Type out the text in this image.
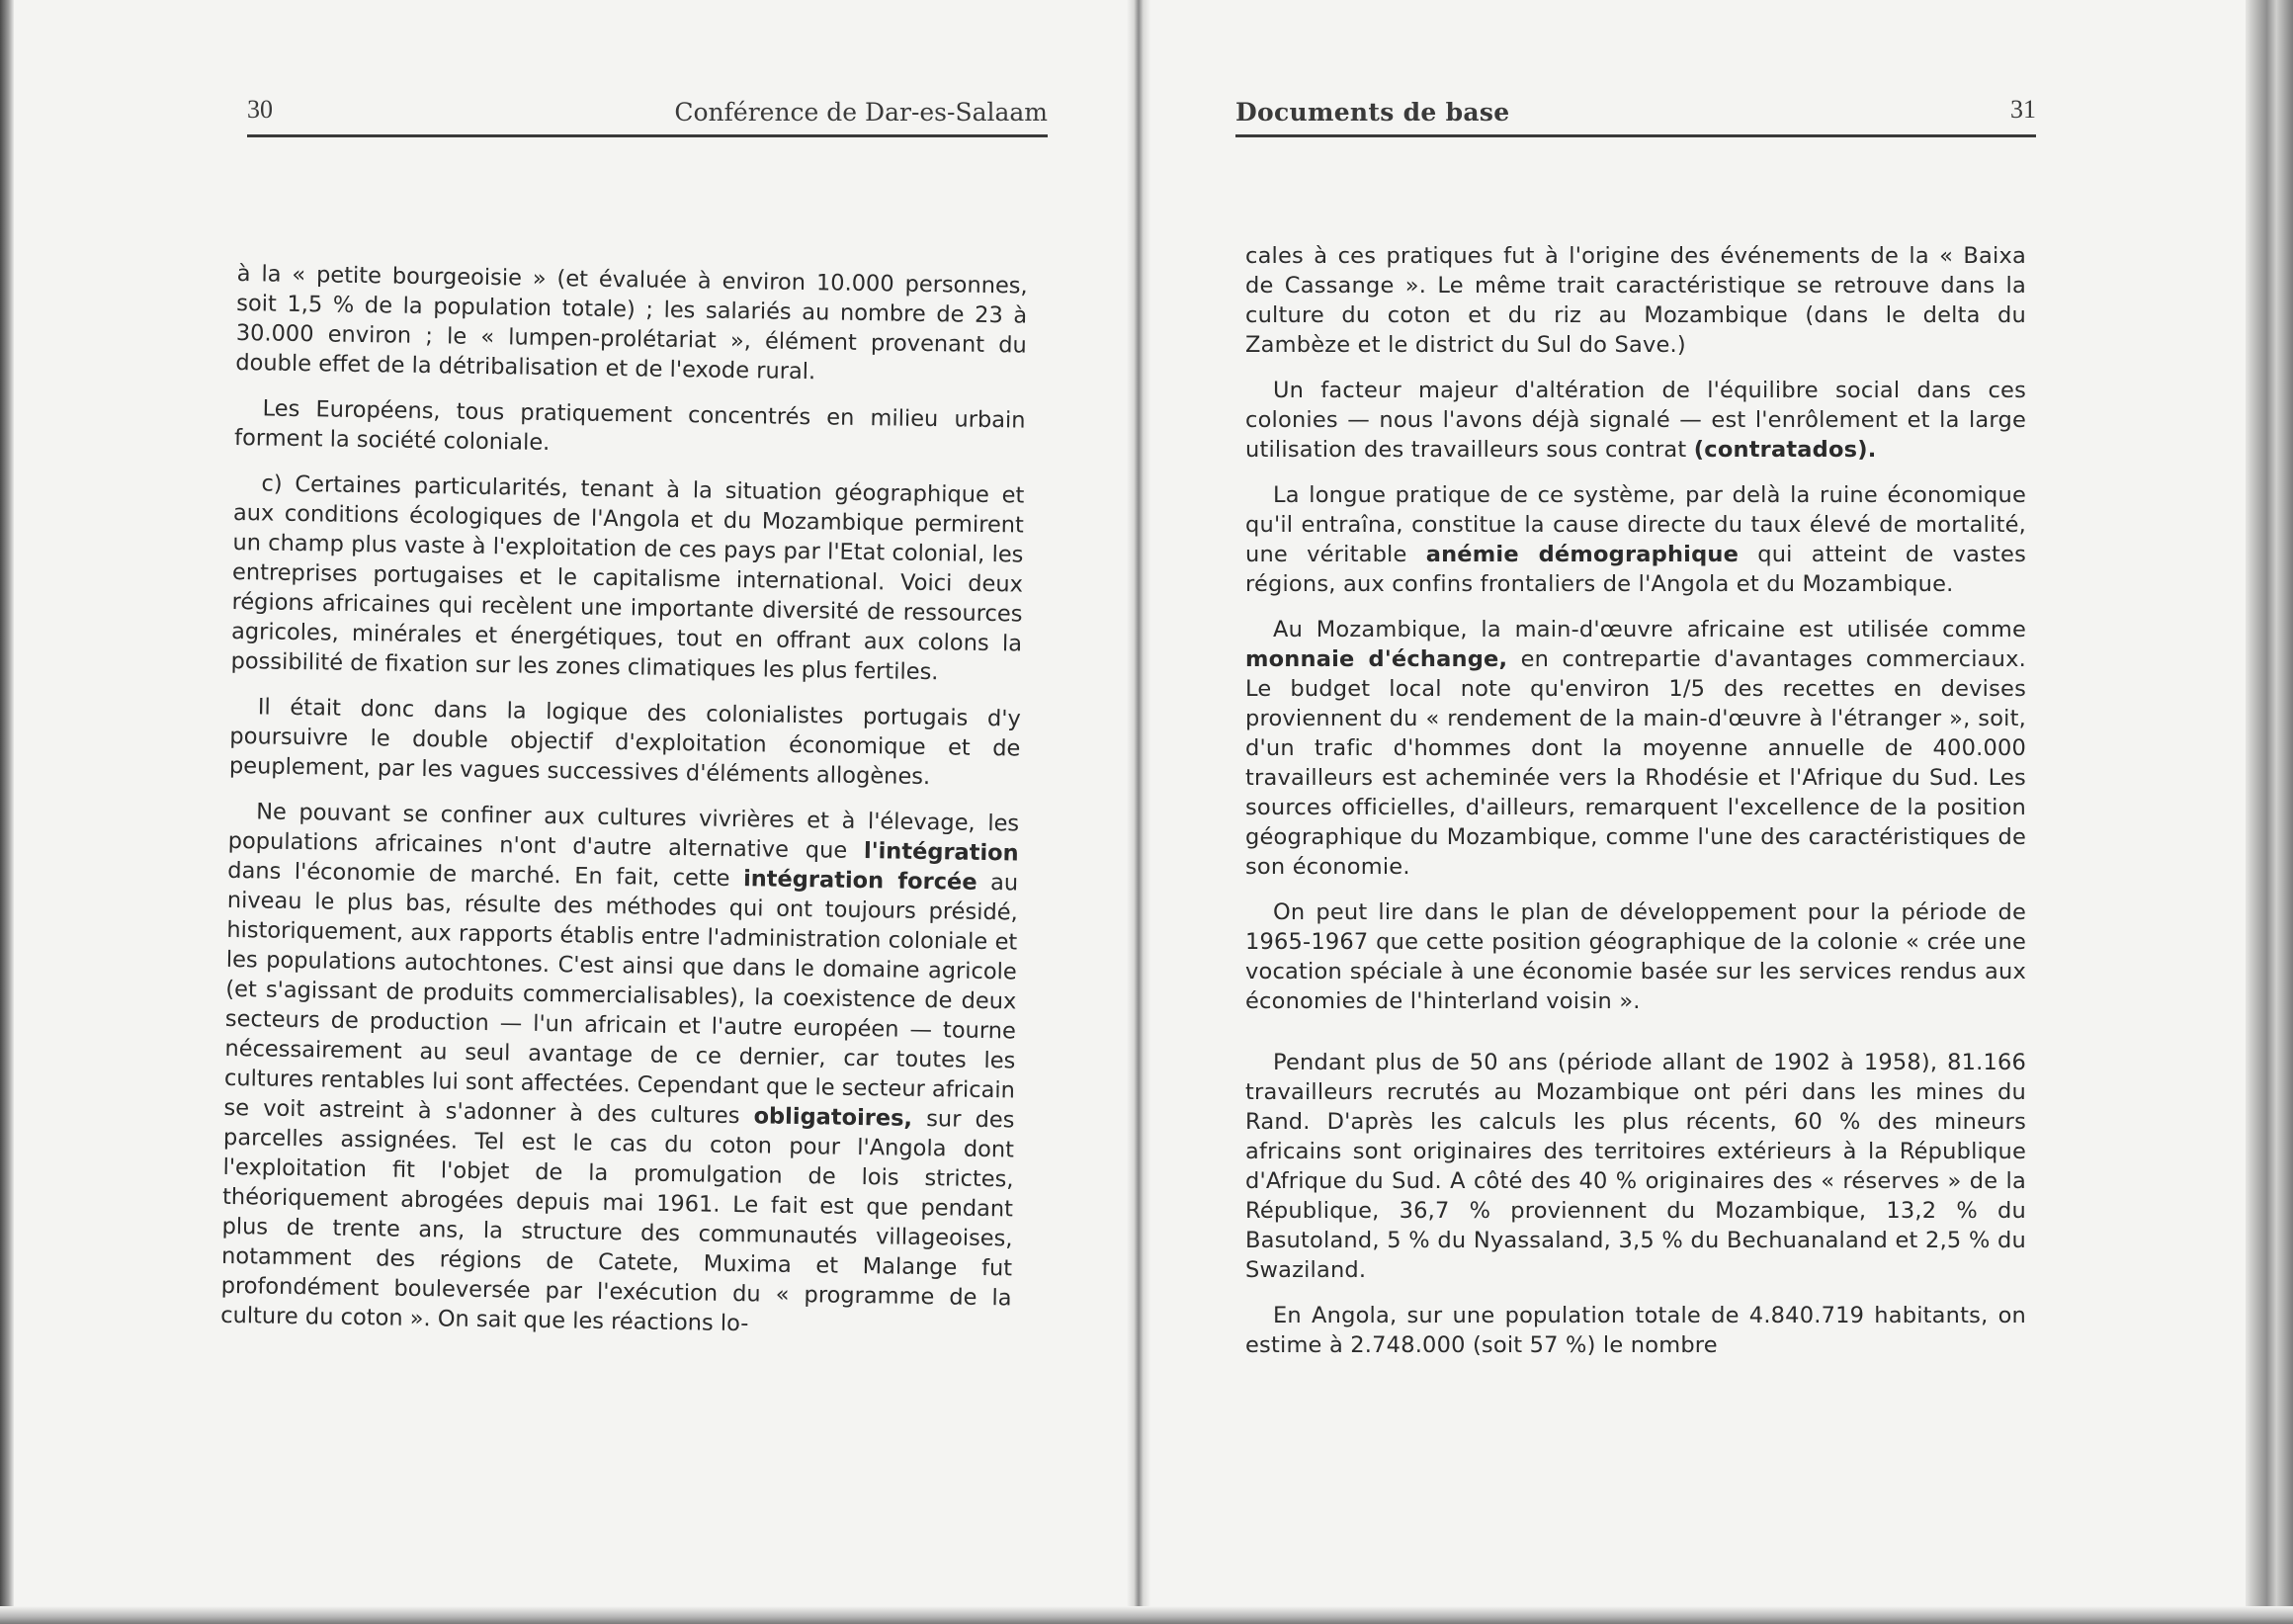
30	Conférence de Dar-es-Salaam

à la « petite bourgeoisie » (et évaluée à environ 10.000 personnes, soit 1,5 % de la population totale) ; les salariés au nombre de 23 à 30.000 environ ; le « lumpen-prolétariat », élément provenant du double effet de la détribalisation et de l'exode rural.

Les Européens, tous pratiquement concentrés en milieu urbain forment la société coloniale.

c) Certaines particularités, tenant à la situation géographique et aux conditions écologiques de l'Angola et du Mozambique permirent un champ plus vaste à l'exploitation de ces pays par l'Etat colonial, les entreprises portugaises et le capitalisme international. Voici deux régions africaines qui recèlent une importante diversité de ressources agricoles, minérales et énergétiques, tout en offrant aux colons la possibilité de fixation sur les zones climatiques les plus fertiles.

Il était donc dans la logique des colonialistes portugais d'y poursuivre le double objectif d'exploitation économique et de peuplement, par les vagues successives d'éléments allogènes.

Ne pouvant se confiner aux cultures vivrières et à l'élevage, les populations africaines n'ont d'autre alternative que l'intégration dans l'économie de marché. En fait, cette intégration forcée au niveau le plus bas, résulte des méthodes qui ont toujours présidé, historiquement, aux rapports établis entre l'administration coloniale et les populations autochtones. C'est ainsi que dans le domaine agricole (et s'agissant de produits commercialisables), la coexistence de deux secteurs de production — l'un africain et l'autre européen — tourne nécessairement au seul avantage de ce dernier, car toutes les cultures rentables lui sont affectées. Cependant que le secteur africain se voit astreint à s'adonner à des cultures obligatoires, sur des parcelles assignées. Tel est le cas du coton pour l'Angola dont l'exploitation fit l'objet de la promulgation de lois strictes, théoriquement abrogées depuis mai 1961. Le fait est que pendant plus de trente ans, la structure des communautés villageoises, notamment des régions de Catete, Muxima et Malange fut profondément bouleversée par l'exécution du « programme de la culture du coton ». On sait que les réactions lo-

Documents de base	31

cales à ces pratiques fut à l'origine des événements de la « Baixa de Cassange ». Le même trait caractéristique se retrouve dans la culture du coton et du riz au Mozambique (dans le delta du Zambèze et le district du Sul do Save.)

Un facteur majeur d'altération de l'équilibre social dans ces colonies — nous l'avons déjà signalé — est l'enrôlement et la large utilisation des travailleurs sous contrat (contratados).

La longue pratique de ce système, par delà la ruine économique qu'il entraîna, constitue la cause directe du taux élevé de mortalité, une véritable anémie démographique qui atteint de vastes régions, aux confins frontaliers de l'Angola et du Mozambique.

Au Mozambique, la main-d'œuvre africaine est utilisée comme monnaie d'échange, en contrepartie d'avantages commerciaux. Le budget local note qu'environ 1/5 des recettes en devises proviennent du « rendement de la main-d'œuvre à l'étranger », soit, d'un trafic d'hommes dont la moyenne annuelle de 400.000 travailleurs est acheminée vers la Rhodésie et l'Afrique du Sud. Les sources officielles, d'ailleurs, remarquent l'excellence de la position géographique du Mozambique, comme l'une des caractéristiques de son économie.

On peut lire dans le plan de développement pour la période de 1965-1967 que cette position géographique de la colonie « crée une vocation spéciale à une économie basée sur les services rendus aux économies de l'hinterland voisin ».

Pendant plus de 50 ans (période allant de 1902 à 1958), 81.166 travailleurs recrutés au Mozambique ont péri dans les mines du Rand. D'après les calculs les plus récents, 60 % des mineurs africains sont originaires des territoires extérieurs à la République d'Afrique du Sud. A côté des 40 % originaires des « réserves » de la République, 36,7 % proviennent du Mozambique, 13,2 % du Basutoland, 5 % du Nyassaland, 3,5 % du Bechuanaland et 2,5 % du Swaziland.

En Angola, sur une population totale de 4.840.719 habitants, on estime à 2.748.000 (soit 57 %) le nombre
